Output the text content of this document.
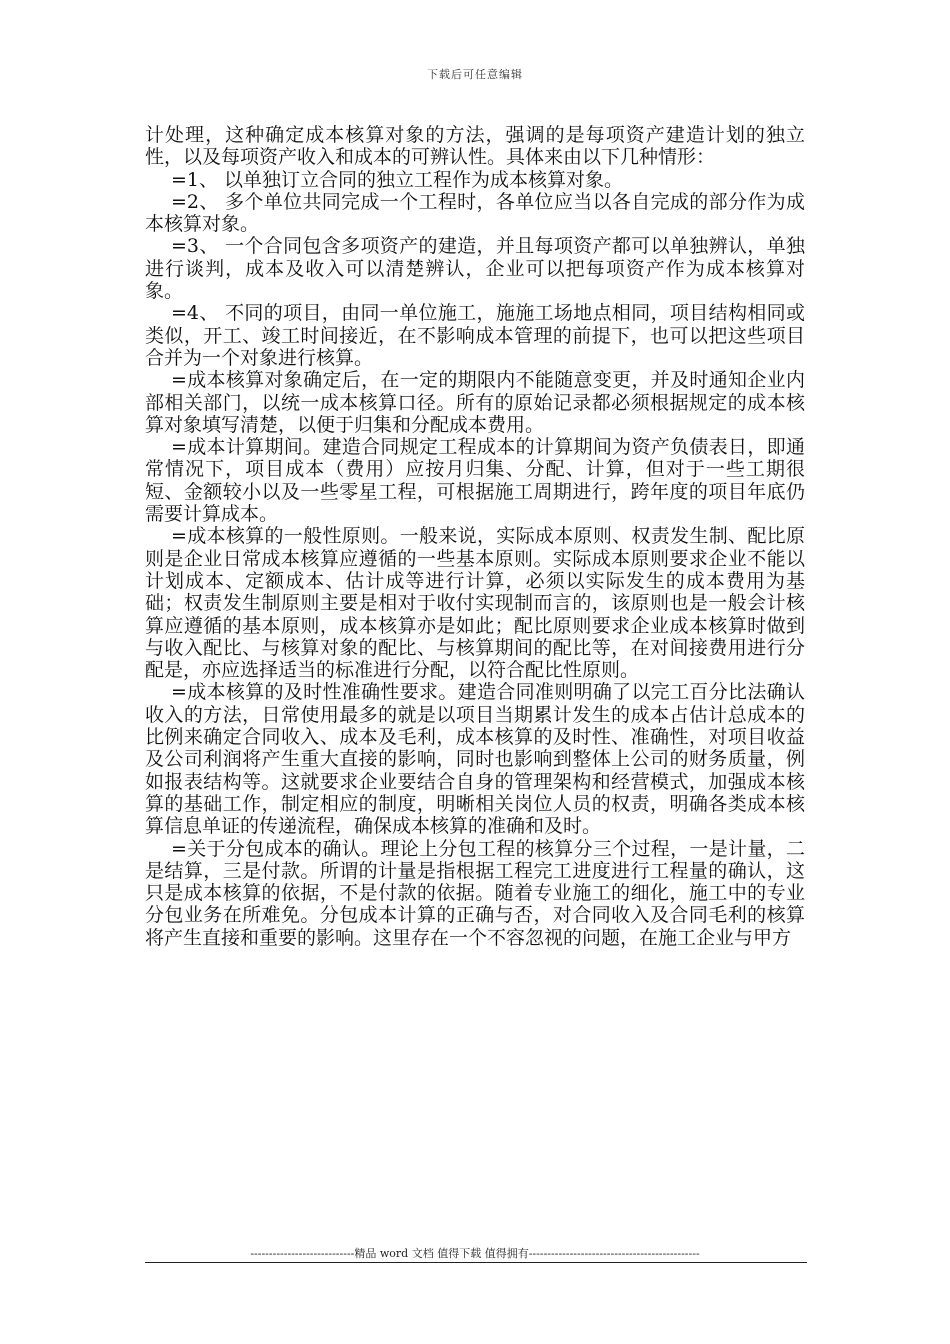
下载后可任意编辑

计处理，这种确定成本核算对象的方法，强调的是每项资产建造计划的独立性，以及每项资产收入和成本的可辨认性。具体来由以下几种情形：

=1、 以单独订立合同的独立工程作为成本核算对象。

=2、 多个单位共同完成一个工程时，各单位应当以各自完成的部分作为成本核算对象。

=3、 一个合同包含多项资产的建造，并且每项资产都可以单独辨认，单独进行谈判，成本及收入可以清楚辨认，企业可以把每项资产作为成本核算对象。

=4、 不同的项目，由同一单位施工，施施工场地点相同，项目结构相同或类似，开工、竣工时间接近，在不影响成本管理的前提下，也可以把这些项目合并为一个对象进行核算。

=成本核算对象确定后，在一定的期限内不能随意变更，并及时通知企业内部相关部门，以统一成本核算口径。所有的原始记录都必须根据规定的成本核算对象填写清楚，以便于归集和分配成本费用。

=成本计算期间。建造合同规定工程成本的计算期间为资产负债表日，即通常情况下，项目成本（费用）应按月归集、分配、计算，但对于一些工期很短、金额较小以及一些零星工程，可根据施工周期进行，跨年度的项目年底仍需要计算成本。

=成本核算的一般性原则。一般来说，实际成本原则、权责发生制、配比原则是企业日常成本核算应遵循的一些基本原则。实际成本原则要求企业不能以计划成本、定额成本、估计成等进行计算，必须以实际发生的成本费用为基础；权责发生制原则主要是相对于收付实现制而言的，该原则也是一般会计核算应遵循的基本原则，成本核算亦是如此；配比原则要求企业成本核算时做到与收入配比、与核算对象的配比、与核算期间的配比等，在对间接费用进行分配是，亦应选择适当的标准进行分配，以符合配比性原则。

=成本核算的及时性准确性要求。建造合同准则明确了以完工百分比法确认收入的方法，日常使用最多的就是以项目当期累计发生的成本占估计总成本的比例来确定合同收入、成本及毛利，成本核算的及时性、准确性，对项目收益及公司利润将产生重大直接的影响，同时也影响到整体上公司的财务质量，例如报表结构等。这就要求企业要结合自身的管理架构和经营模式，加强成本核算的基础工作，制定相应的制度，明晰相关岗位人员的权责，明确各类成本核算信息单证的传递流程，确保成本核算的准确和及时。

=关于分包成本的确认。理论上分包工程的核算分三个过程，一是计量，二是结算，三是付款。所谓的计量是指根据工程完工进度进行工程量的确认，这只是成本核算的依据，不是付款的依据。随着专业施工的细化，施工中的专业分包业务在所难免。分包成本计算的正确与否，对合同收入及合同毛利的核算将产生直接和重要的影响。这里存在一个不容忽视的问题，在施工企业与甲方

----------------------------精品 word 文档 值得下载 值得拥有----------------------------------------------
